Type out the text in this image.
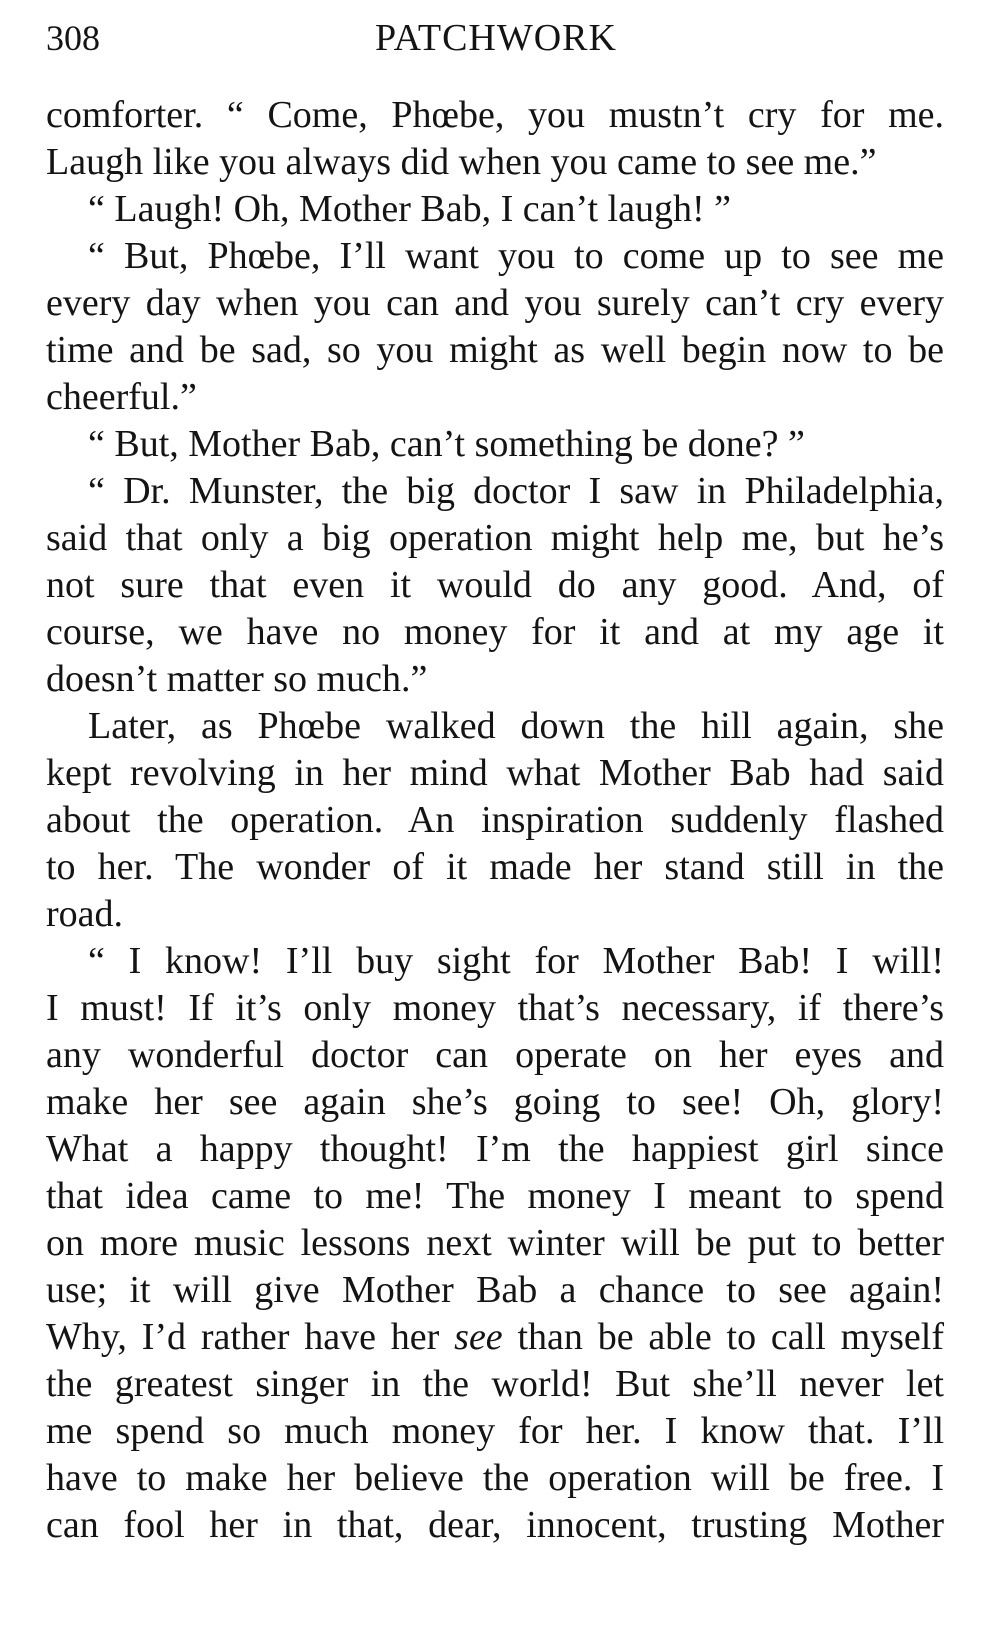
308	PATCHWORK
comforter. “ Come, Phœbe, you mustn’t cry for me.
Laugh like you always did when you came to see me.”
“ Laugh! Oh, Mother Bab, I can’t laugh! ”
“ But, Phœbe, I’ll want you to come up to see me
every day when you can and you surely can’t cry every
time and be sad, so you might as well begin now to be
cheerful.”
“ But, Mother Bab, can’t something be done? ”
“ Dr. Munster, the big doctor I saw in Philadelphia,
said that only a big operation might help me, but he’s
not sure that even it would do any good. And, of
course, we have no money for it and at my age it
doesn’t matter so much.”
Later, as Phœbe walked down the hill again, she
kept revolving in her mind what Mother Bab had said
about the operation. An inspiration suddenly flashed
to her. The wonder of it made her stand still in the
road.
“ I know! I’ll buy sight for Mother Bab! I will!
I must! If it’s only money that’s necessary, if there’s
any wonderful doctor can operate on her eyes and
make her see again she’s going to see! Oh, glory!
What a happy thought! I’m the happiest girl since
that idea came to me! The money I meant to spend
on more music lessons next winter will be put to better
use; it will give Mother Bab a chance to see again!
Why, I’d rather have her see than be able to call myself
the greatest singer in the world! But she’ll never let
me spend so much money for her. I know that. I’ll
have to make her believe the operation will be free. I
can fool her in that, dear, innocent, trusting Mother
